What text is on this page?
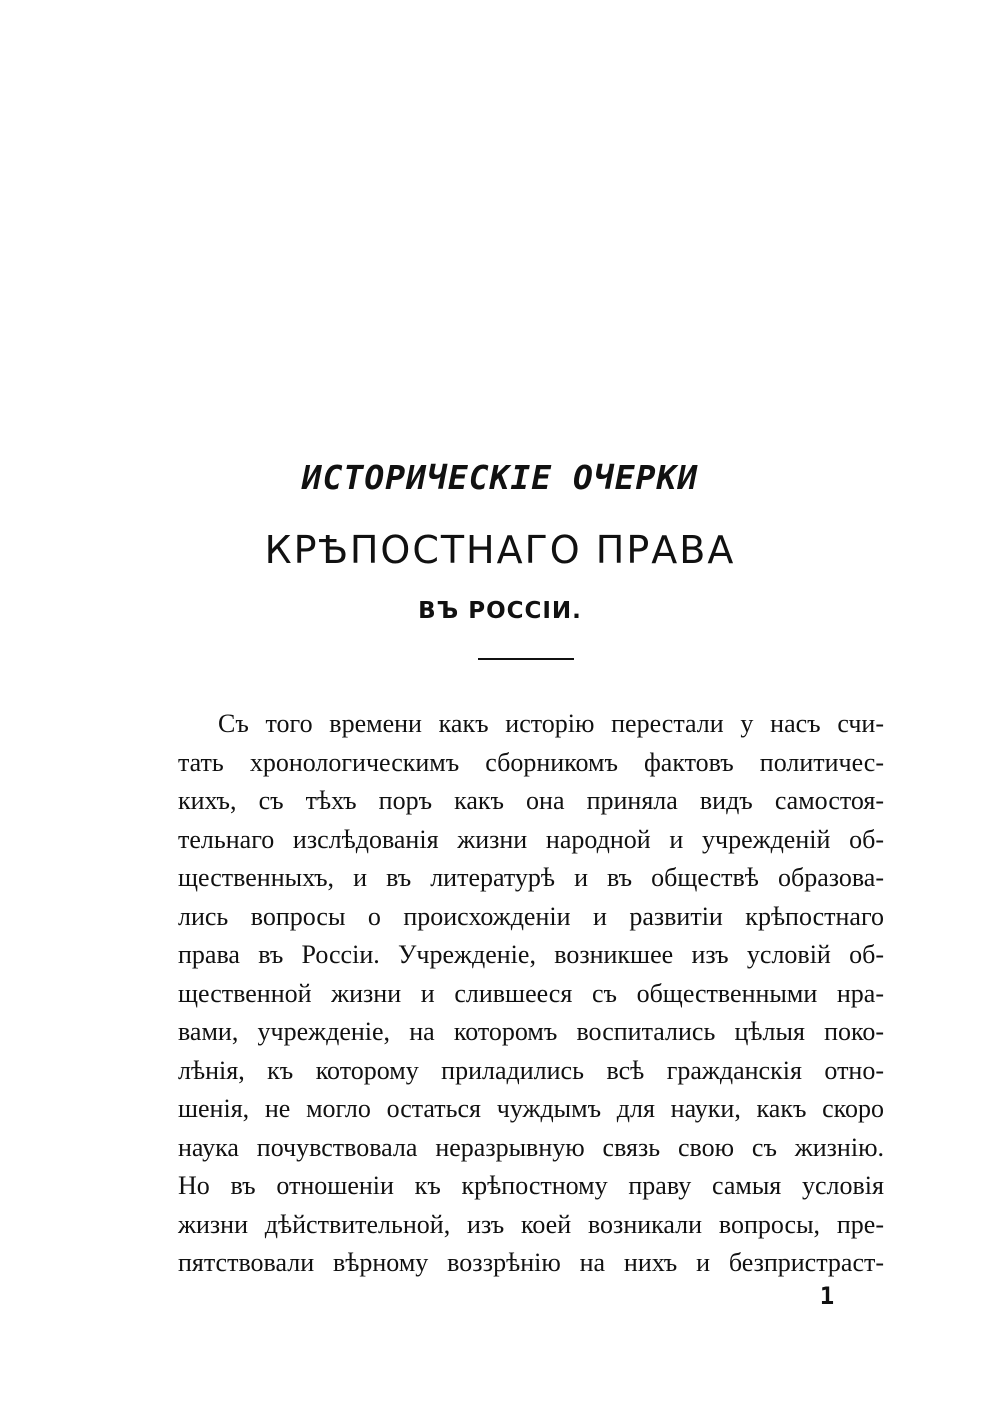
ИСТОРИЧЕСКІЕ ОЧЕРКИ
КРѢПОСТНАГО ПРАВА
ВЪ РОССІИ.
Съ того времени какъ исторію перестали у насъ счи-
тать хронологическимъ сборникомъ фактовъ политичес-
кихъ, съ тѣхъ поръ какъ она приняла видъ самостоя-
тельнаго изслѣдованія жизни народной и учрежденій об-
щественныхъ, и въ литературѣ и въ обществѣ образова-
лись вопросы о происхожденіи и развитіи крѣпостнаго
права въ Россіи. Учрежденіе, возникшее изъ условій об-
щественной жизни и слившееся съ общественными нра-
вами, учрежденіе, на которомъ воспитались цѣлыя поко-
лѣнія, къ которому приладились всѣ гражданскія отно-
шенія, не могло остаться чуждымъ для науки, какъ скоро
наука почувствовала неразрывную связь свою съ жизнію.
Но въ отношеніи къ крѣпостному праву самыя условія
жизни дѣйствительной, изъ коей возникали вопросы, пре-
пятствовали вѣрному воззрѣнію на нихъ и безпристраст-
1
